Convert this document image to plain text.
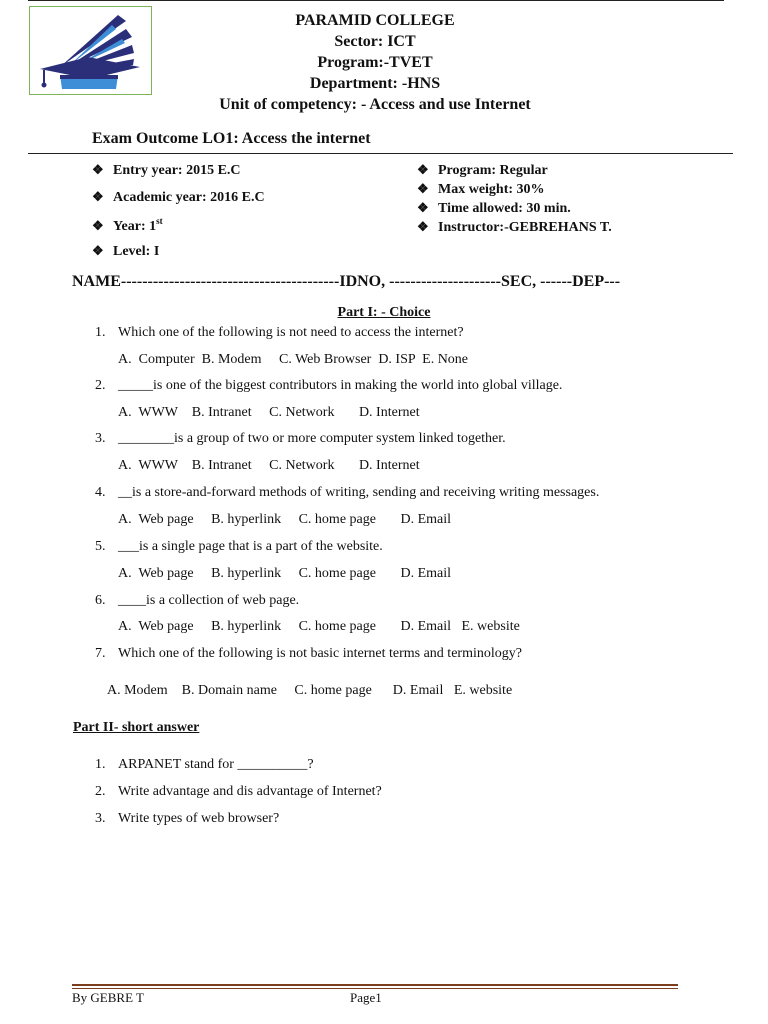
PARAMID COLLEGE
Sector: ICT
Program:-TVET
Department: -HNS
Unit of competency: - Access and use Internet
Exam Outcome LO1: Access the internet
❖ Entry year: 2015 E.C
❖ Academic year: 2016 E.C
❖ Year: 1st
❖ Level: I
❖ Program: Regular
❖ Max weight: 30%
❖ Time allowed: 30 min.
❖ Instructor:-GEBREHANS T.
NAME-----------------------------------------IDNO, ---------------------SEC, ------DEP---
Part I: - Choice
1. Which one of the following is not need to access the internet?
A.  Computer  B. Modem     C. Web Browser  D. ISP  E. None
2. _____is one of the biggest contributors in making the world into global village.
A.  WWW    B. Intranet     C. Network       D. Internet
3. ________is a group of two or more computer system linked together.
A.  WWW    B. Intranet     C. Network       D. Internet
4. __is a store-and-forward methods of writing, sending and receiving writing messages.
A.  Web page     B. hyperlink     C. home page       D. Email
5. ___is a single page that is a part of the website.
A.  Web page     B. hyperlink     C. home page       D. Email
6. ____is a collection of web page.
A.  Web page     B. hyperlink     C. home page       D. Email   E. website
7. Which one of the following is not basic internet terms and terminology?
A. Modem    B. Domain name     C. home page      D. Email   E. website
Part II- short answer
1. ARPANET stand for __________?
2. Write advantage and dis advantage of Internet?
3. Write types of web browser?
By GEBRE T	Page1
